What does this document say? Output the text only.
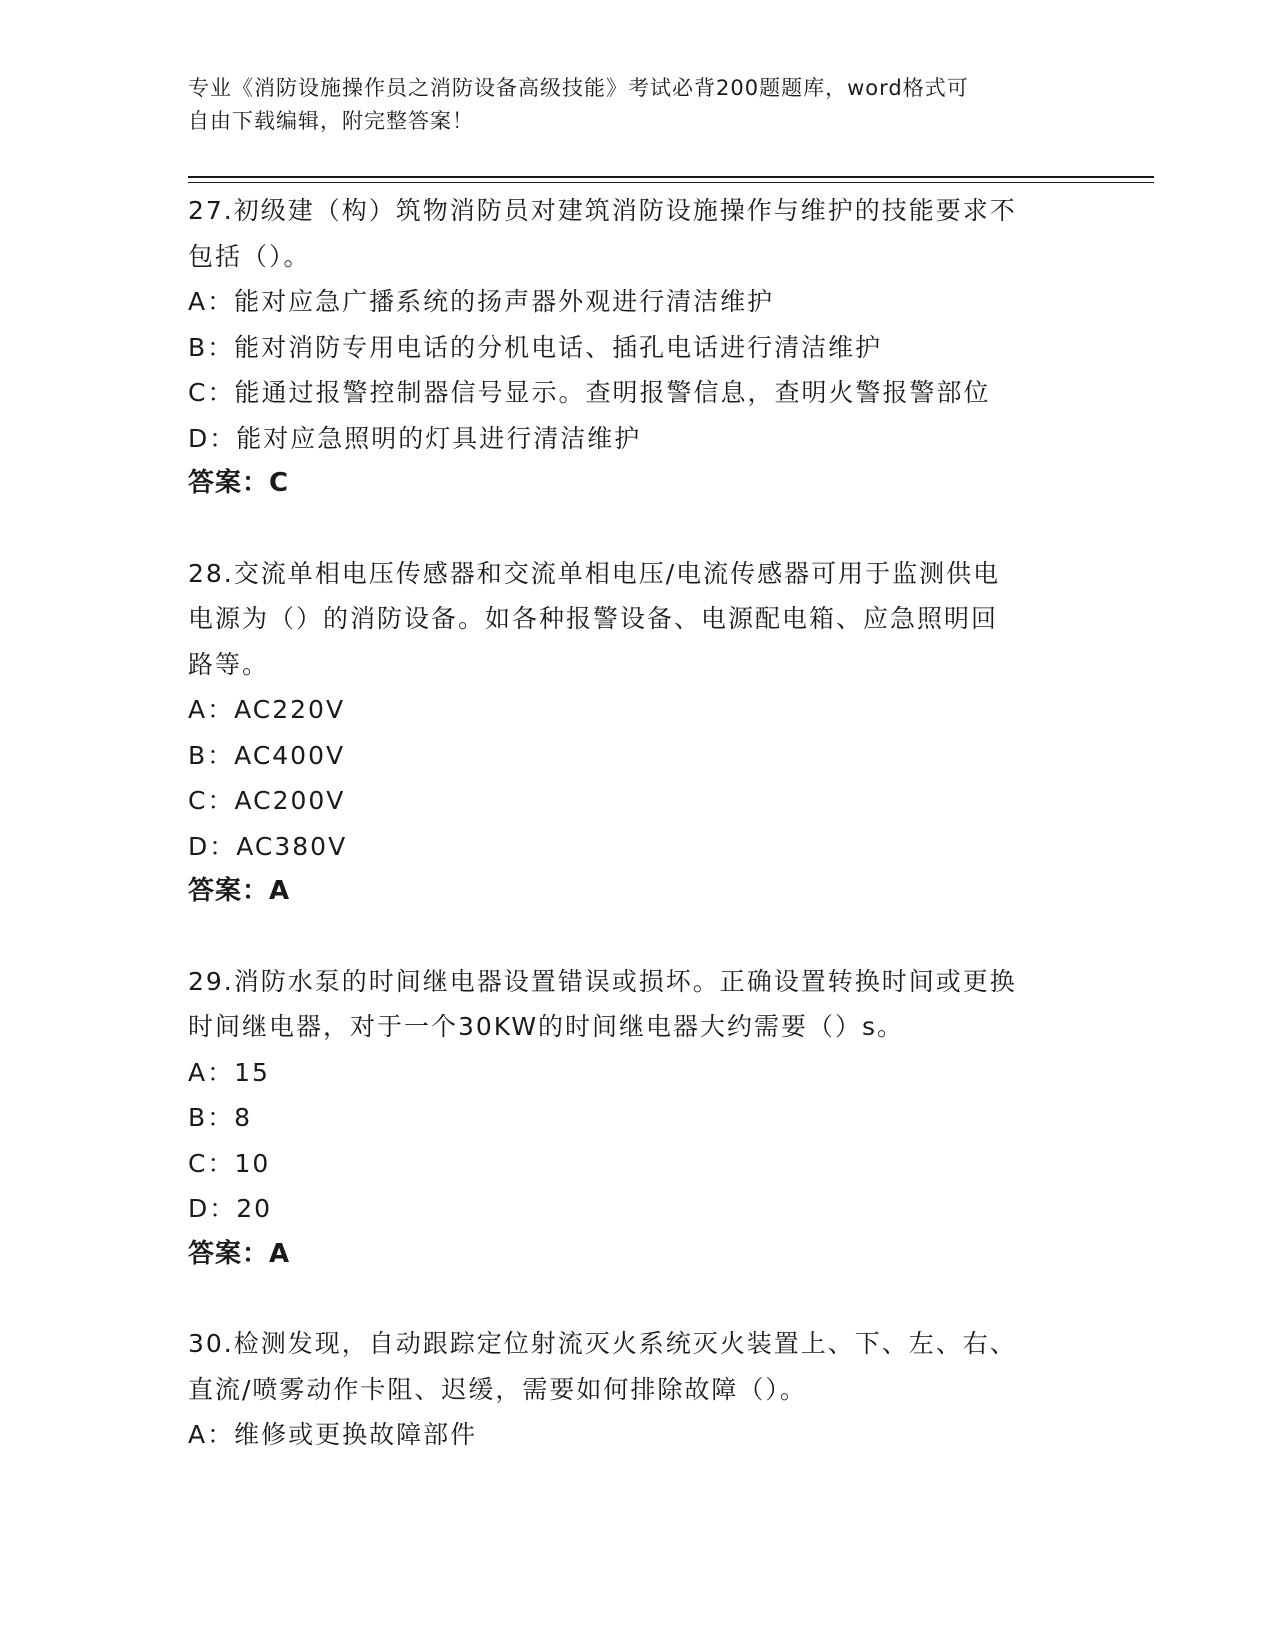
专业《消防设施操作员之消防设备高级技能》考试必背200题题库，word格式可
自由下载编辑，附完整答案！
27.初级建（构）筑物消防员对建筑消防设施操作与维护的技能要求不
包括（）。
A：能对应急广播系统的扬声器外观进行清洁维护
B：能对消防专用电话的分机电话、插孔电话进行清洁维护
C：能通过报警控制器信号显示。查明报警信息，查明火警报警部位
D：能对应急照明的灯具进行清洁维护
答案：C
28.交流单相电压传感器和交流单相电压/电流传感器可用于监测供电
电源为（）的消防设备。如各种报警设备、电源配电箱、应急照明回
路等。
A：AC220V
B：AC400V
C：AC200V
D：AC380V
答案：A
29.消防水泵的时间继电器设置错误或损坏。正确设置转换时间或更换
时间继电器，对于一个30KW的时间继电器大约需要（）s。
A：15
B：8
C：10
D：20
答案：A
30.检测发现，自动跟踪定位射流灭火系统灭火装置上、下、左、右、
直流/喷雾动作卡阻、迟缓，需要如何排除故障（）。
A：维修或更换故障部件
